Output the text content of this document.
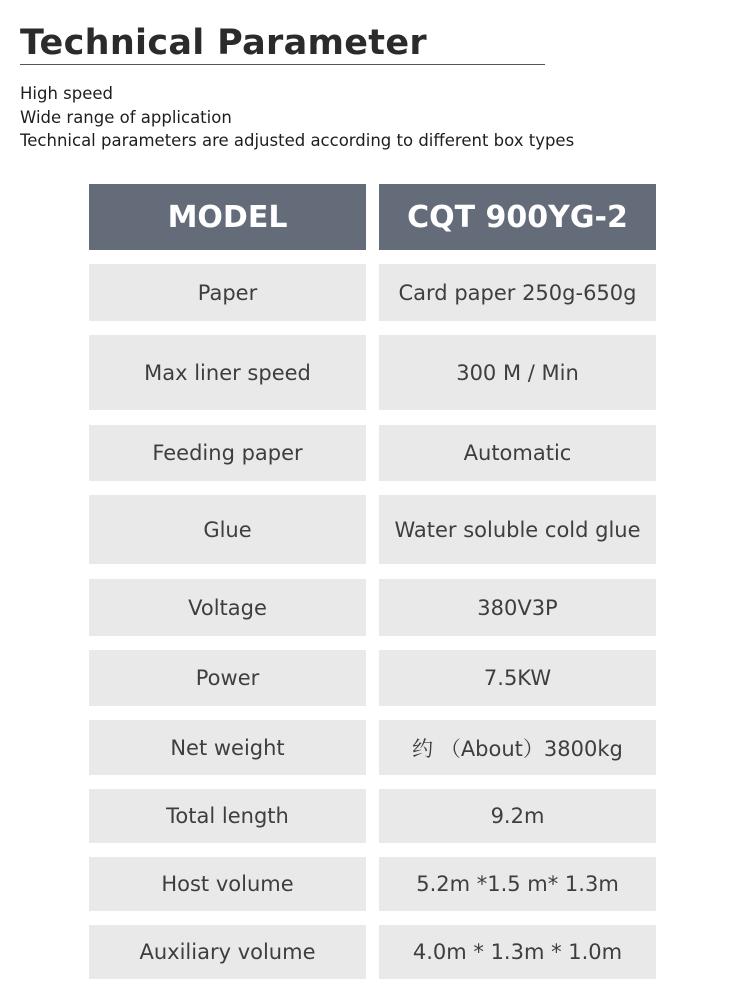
Technical Parameter
High speed
Wide range of application
Technical parameters are adjusted according to different box types
MODEL	CQT 900YG-2
Paper	Card paper 250g-650g
Max liner speed	300 M / Min
Feeding paper	Automatic
Glue	Water soluble cold glue
Voltage	380V3P
Power	7.5KW
Net weight	约 （About）3800kg
Total length	9.2m
Host volume	5.2m *1.5 m* 1.3m
Auxiliary volume	4.0m * 1.3m * 1.0m
